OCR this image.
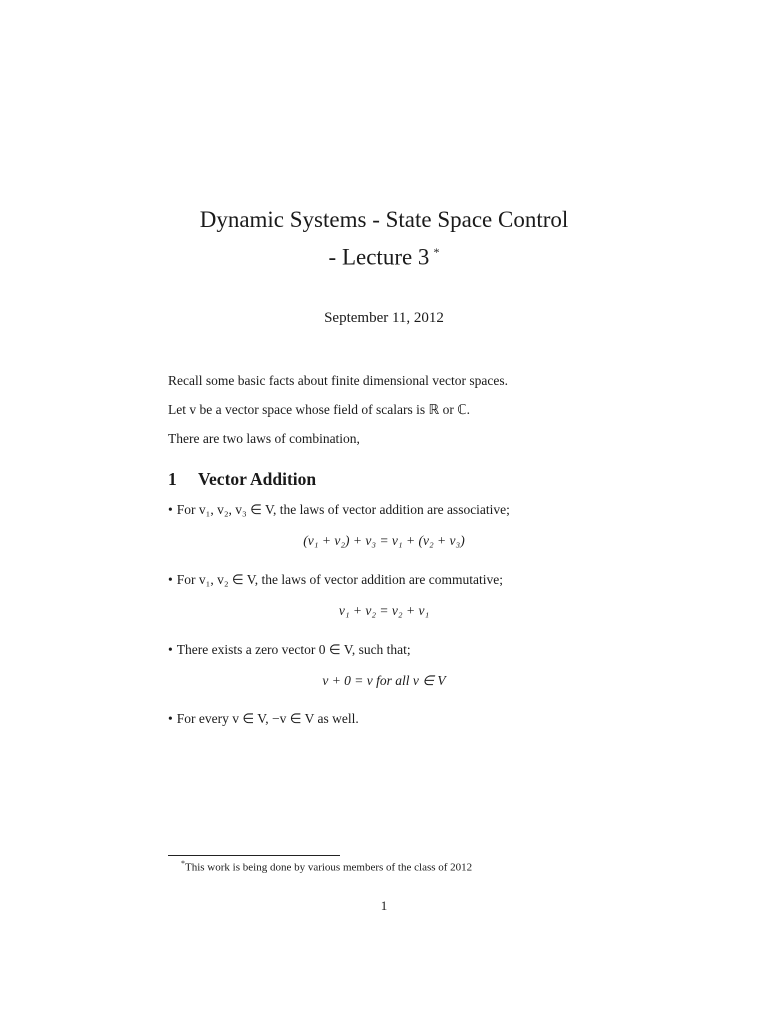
Dynamic Systems - State Space Control
- Lecture 3 *
September 11, 2012
Recall some basic facts about finite dimensional vector spaces.
Let v be a vector space whose field of scalars is ℝ or ℂ.
There are two laws of combination,
1 Vector Addition
• For v₁, v₂, v₃ ∈ V, the laws of vector addition are associative;
(v₁ + v₂) + v₃ = v₁ + (v₂ + v₃)
• For v₁, v₂ ∈ V, the laws of vector addition are commutative;
v₁ + v₂ = v₂ + v₁
• There exists a zero vector 0 ∈ V, such that;
v + 0 = v for all v ∈ V
• For every v ∈ V, −v ∈ V as well.
*This work is being done by various members of the class of 2012
1
